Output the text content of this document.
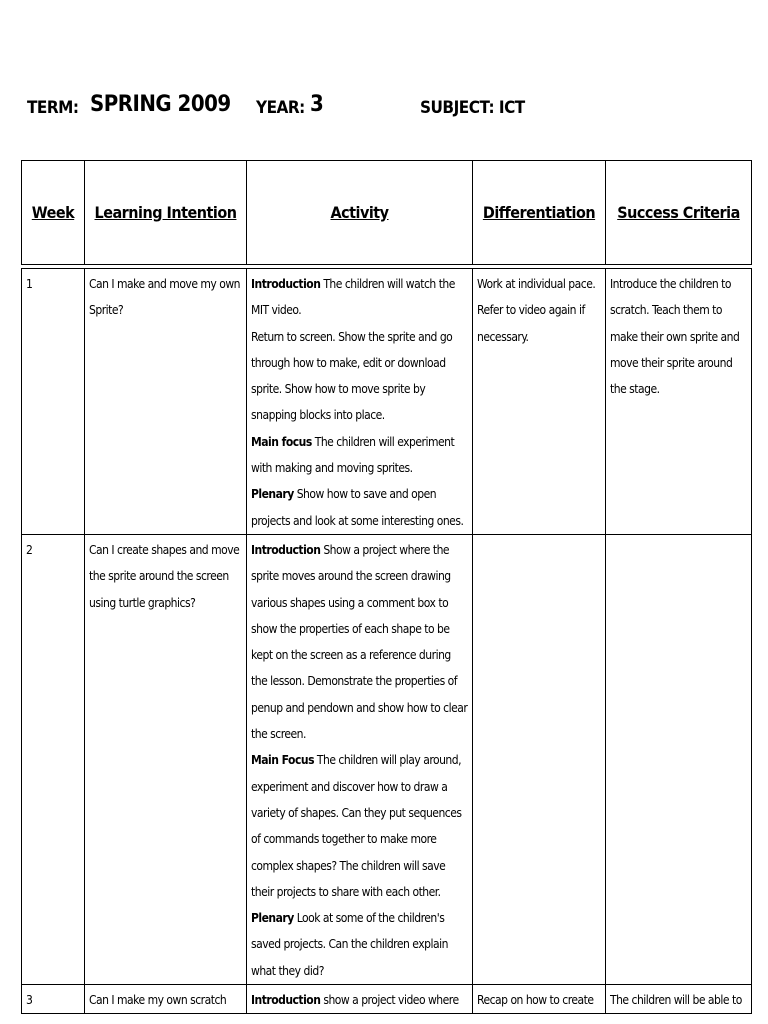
TERM: SPRING 2009 YEAR: 3	SUBJECT: ICT
Week	Learning Intention	Activity	Differentiation	Success Criteria
1	Can I make and move my own Sprite?	Introduction The children will watch the MIT video.
Return to screen. Show the sprite and go through how to make, edit or download sprite. Show how to move sprite by snapping blocks into place.
Main focus The children will experiment with making and moving sprites.
Plenary Show how to save and open projects and look at some interesting ones.	Work at individual pace. Refer to video again if necessary.	Introduce the children to scratch. Teach them to make their own sprite and move their sprite around the stage.
2	Can I create shapes and move the sprite around the screen using turtle graphics?	Introduction Show a project where the sprite moves around the screen drawing various shapes using a comment box to show the properties of each shape to be kept on the screen as a reference during the lesson. Demonstrate the properties of penup and pendown and show how to clear the screen.
Main Focus The children will play around, experiment and discover how to draw a variety of shapes. Can they put sequences of commands together to make more complex shapes? The children will save their projects to share with each other.
Plenary Look at some of the children's saved projects. Can the children explain what they did?		

3	Can I make my own scratch	Introduction show a project video where	Recap on how to create	The children will be able to
